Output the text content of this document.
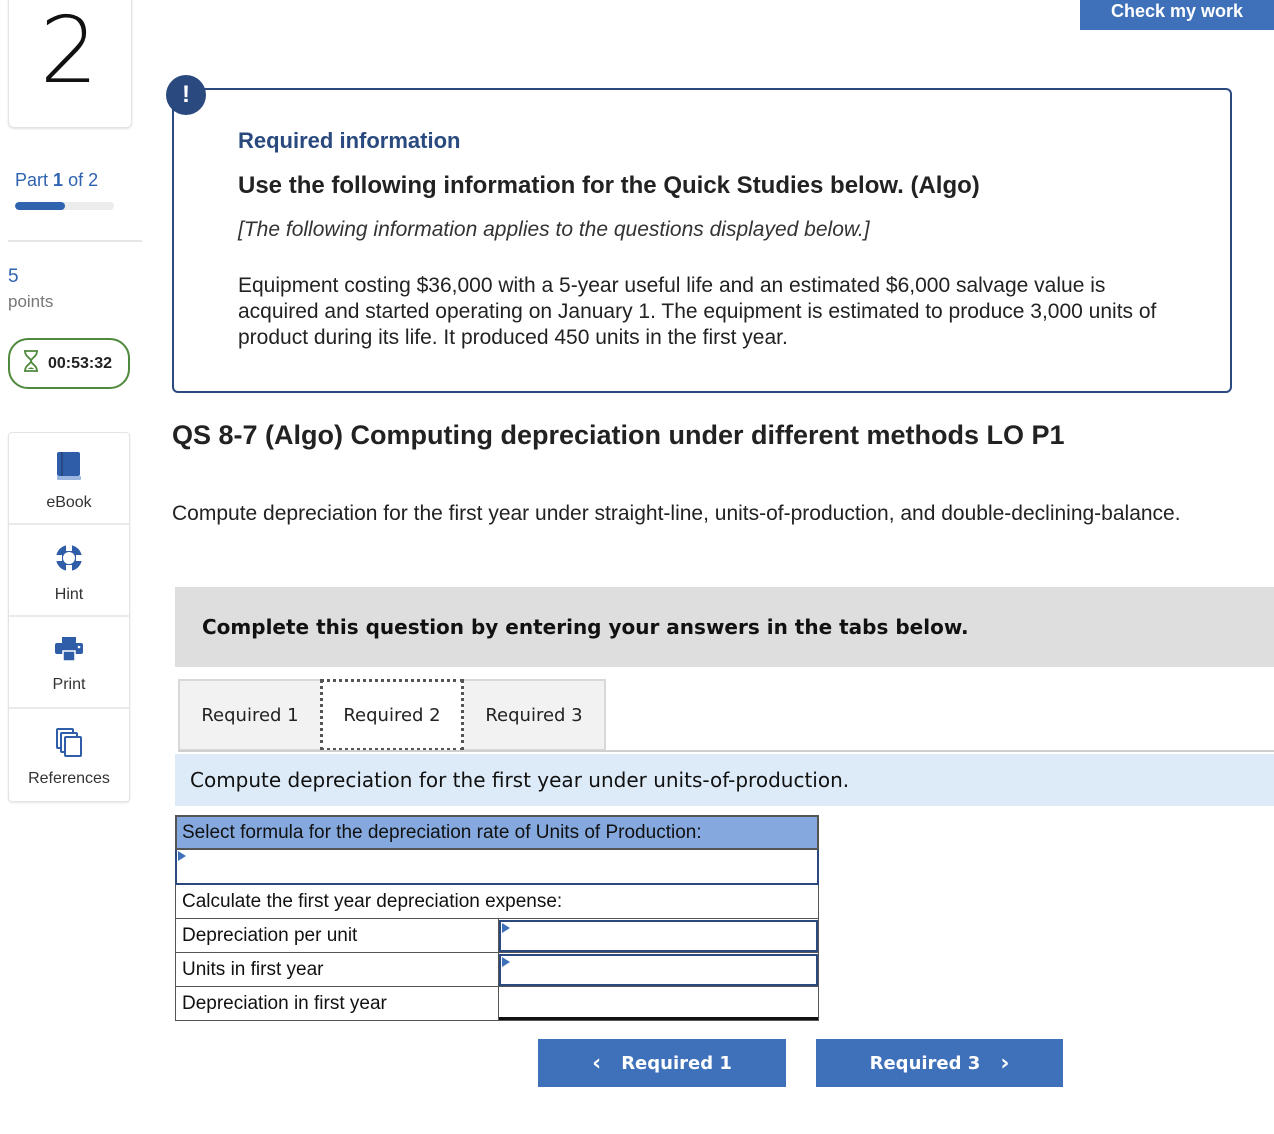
2
Part 1 of 2
5
points
00:53:32
eBook
Hint
Print
References
Check my work
!
Required information
Use the following information for the Quick Studies below. (Algo)
[The following information applies to the questions displayed below.]
Equipment costing $36,000 with a 5-year useful life and an estimated $6,000 salvage value is acquired and started operating on January 1. The equipment is estimated to produce 3,000 units of product during its life. It produced 450 units in the first year.
QS 8-7 (Algo) Computing depreciation under different methods LO P1
Compute depreciation for the first year under straight-line, units-of-production, and double-declining-balance.
Complete this question by entering your answers in the tabs below.
Required 1	Required 2	Required 3
Compute depreciation for the first year under units-of-production.
Select formula for the depreciation rate of Units of Production:
Calculate the first year depreciation expense:
Depreciation per unit
Units in first year
Depreciation in first year
‹ Required 1	Required 3 ›
